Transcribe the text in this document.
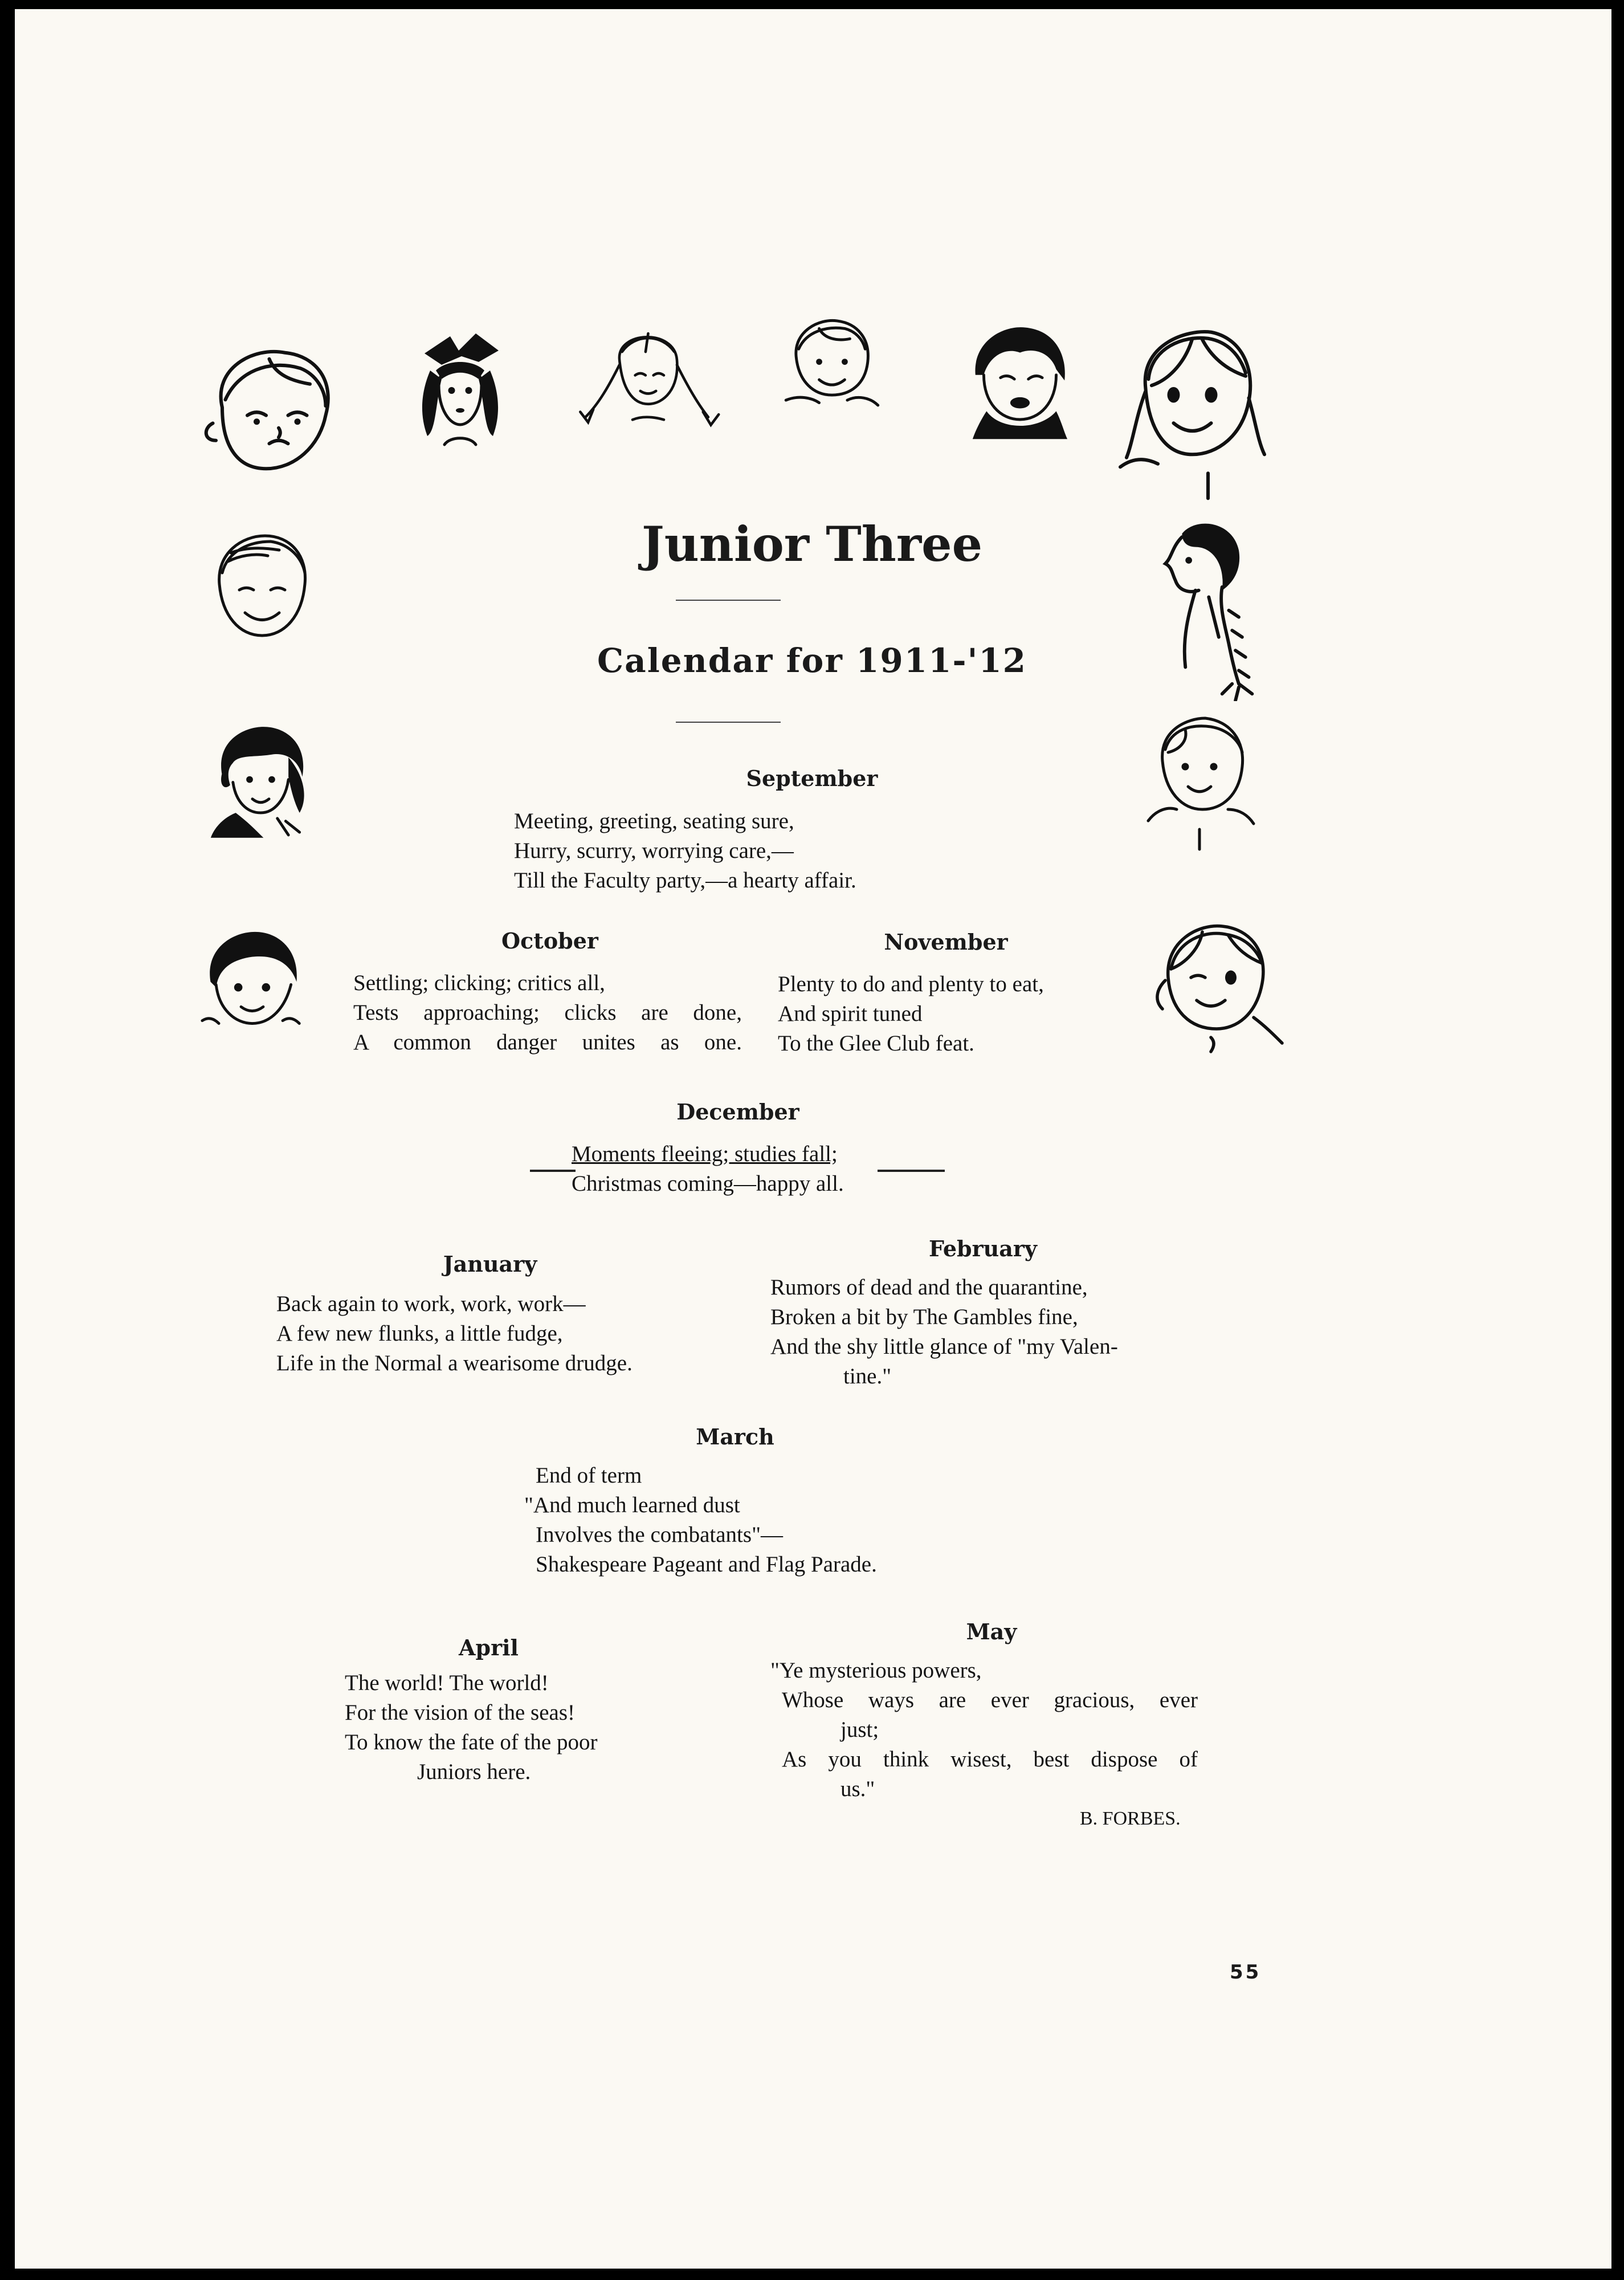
Junior Three
Calendar for 1911-'12
September
Meeting, greeting, seating sure,
Hurry, scurry, worrying care,—
Till the Faculty party,—a hearty affair.
October
Settling; clicking; critics all,
Tests approaching; clicks are done,
A common danger unites as one.
November
Plenty to do and plenty to eat,
And spirit tuned
To the Glee Club feat.
December
Moments fleeing; studies fall;
Christmas coming—happy all.
January
Back again to work, work, work—
A few new flunks, a little fudge,
Life in the Normal a wearisome drudge.
February
Rumors of dead and the quarantine,
Broken a bit by The Gambles fine,
And the shy little glance of "my Valen-
tine."
March
End of term
"And much learned dust
Involves the combatants"—
Shakespeare Pageant and Flag Parade.
April
The world! The world!
For the vision of the seas!
To know the fate of the poor
Juniors here.
May
"Ye mysterious powers,
Whose ways are ever gracious, ever
just;
As you think wisest, best dispose of
us."
B. FORBES.
55
